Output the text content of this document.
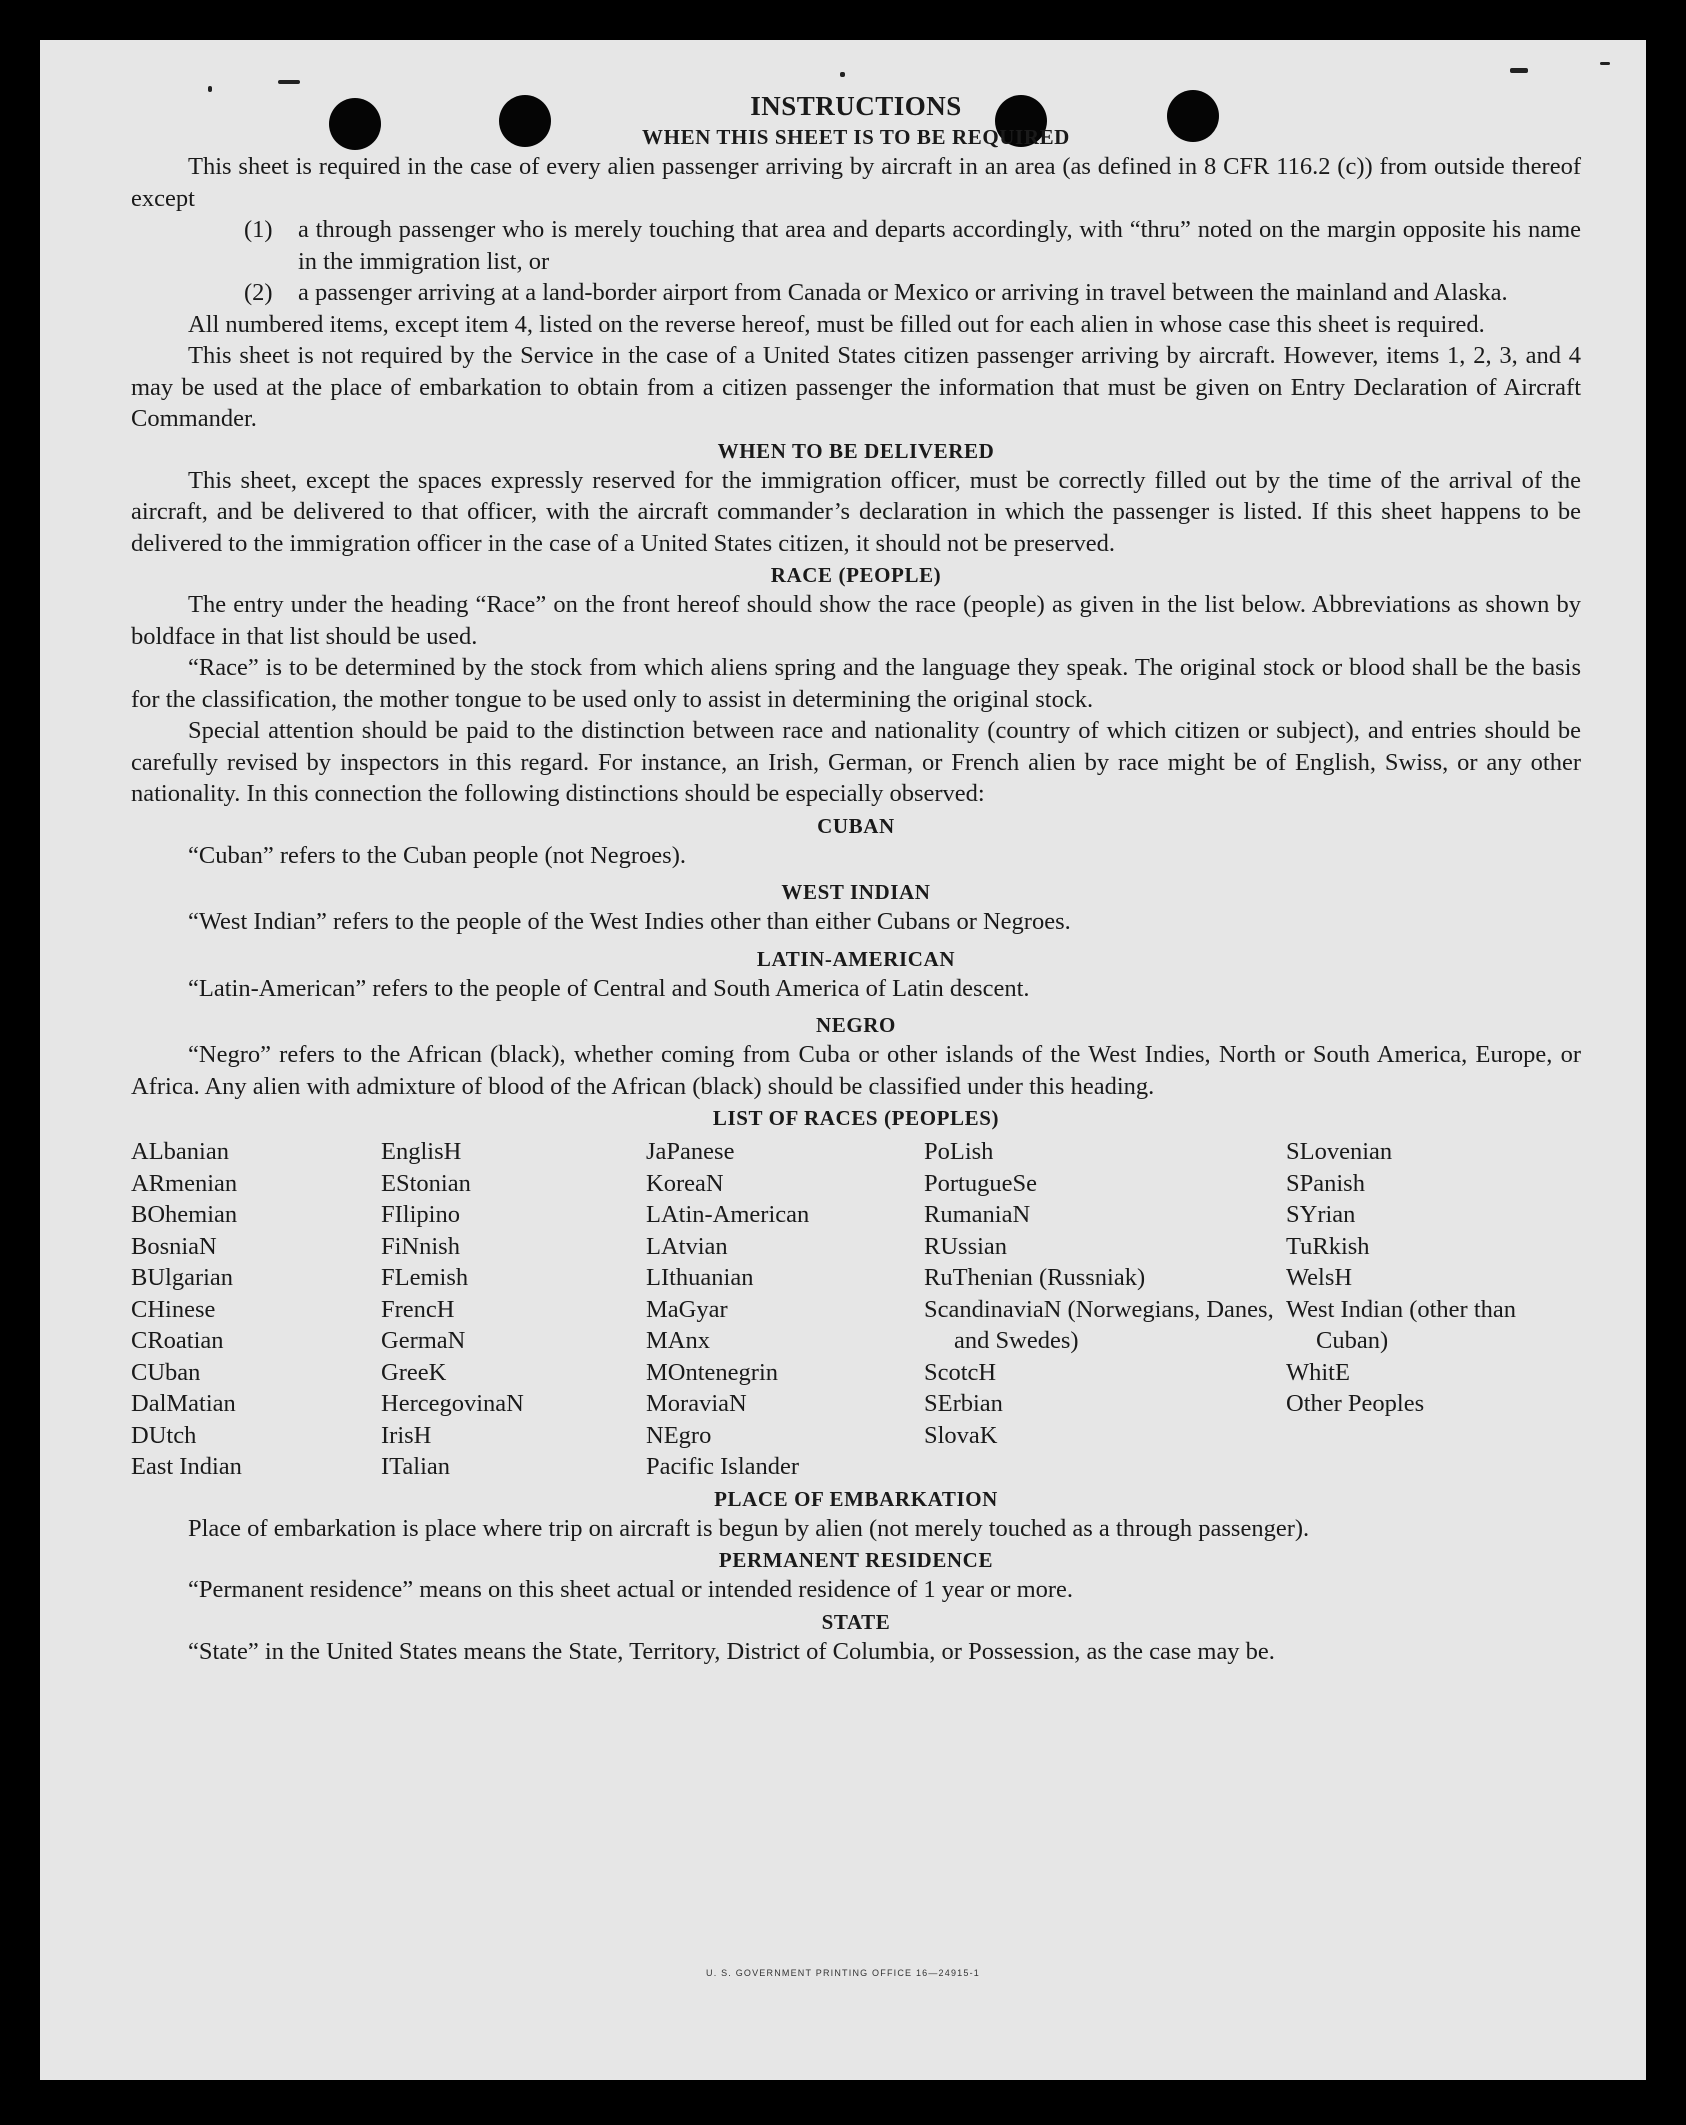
INSTRUCTIONS
WHEN THIS SHEET IS TO BE REQUIRED

This sheet is required in the case of every alien passenger arriving by aircraft in an area (as defined in 8 CFR 116.2 (c)) from outside thereof except

(1)	a through passenger who is merely touching that area and departs accordingly, with “thru” noted on the margin opposite his name in the immigration list, or
(2)	a passenger arriving at a land-border airport from Canada or Mexico or arriving in travel between the mainland and Alaska.

All numbered items, except item 4, listed on the reverse hereof, must be filled out for each alien in whose case this sheet is required.

This sheet is not required by the Service in the case of a United States citizen passenger arriving by aircraft. However, items 1, 2, 3, and 4 may be used at the place of embarkation to obtain from a citizen passenger the information that must be given on Entry Declaration of Aircraft Commander.

WHEN TO BE DELIVERED

This sheet, except the spaces expressly reserved for the immigration officer, must be correctly filled out by the time of the arrival of the aircraft, and be delivered to that officer, with the aircraft commander’s declaration in which the passenger is listed. If this sheet happens to be delivered to the immigration officer in the case of a United States citizen, it should not be preserved.

RACE (PEOPLE)

The entry under the heading “Race” on the front hereof should show the race (people) as given in the list below. Abbreviations as shown by boldface in that list should be used.

“Race” is to be determined by the stock from which aliens spring and the language they speak. The original stock or blood shall be the basis for the classification, the mother tongue to be used only to assist in determining the original stock.

Special attention should be paid to the distinction between race and nationality (country of which citizen or subject), and entries should be carefully revised by inspectors in this regard. For instance, an Irish, German, or French alien by race might be of English, Swiss, or any other nationality. In this connection the following distinctions should be especially observed:

CUBAN

“Cuban” refers to the Cuban people (not Negroes).

WEST INDIAN

“West Indian” refers to the people of the West Indies other than either Cubans or Negroes.

LATIN-AMERICAN

“Latin-American” refers to the people of Central and South America of Latin descent.

NEGRO

“Negro” refers to the African (black), whether coming from Cuba or other islands of the West Indies, North or South America, Europe, or Africa. Any alien with admixture of blood of the African (black) should be classified under this heading.

LIST OF RACES (PEOPLES)
ALbanian
ARmenian
BOhemian
BosniaN
BUlgarian
CHinese
CRoatian
CUban
DalMatian
DUtch
East Indian
EnglisH
EStonian
FIlipino
FiNnish
FLemish
FrencH
GermaN
GreeK
HercegovinaN
IrisH
ITalian
JaPanese
KoreaN
LAtin-American
LAtvian
LIthuanian
MaGyar
MAnx
MOntenegrin
MoraviaN
NEgro
Pacific Islander
PoLish
PortugueSe
RumaniaN
RUssian
RuThenian (Russniak)
ScandinaviaN (Norwegians, Danes, and Swedes)
ScotcH
SErbian
SlovaK
SLovenian
SPanish
SYrian
TuRkish
WelsH
West Indian (other than Cuban)
WhitE
Other Peoples
PLACE OF EMBARKATION

Place of embarkation is place where trip on aircraft is begun by alien (not merely touched as a through passenger).

PERMANENT RESIDENCE

“Permanent residence” means on this sheet actual or intended residence of 1 year or more.

STATE

“State” in the United States means the State, Territory, District of Columbia, or Possession, as the case may be.

U. S. GOVERNMENT PRINTING OFFICE 16—24915-1
